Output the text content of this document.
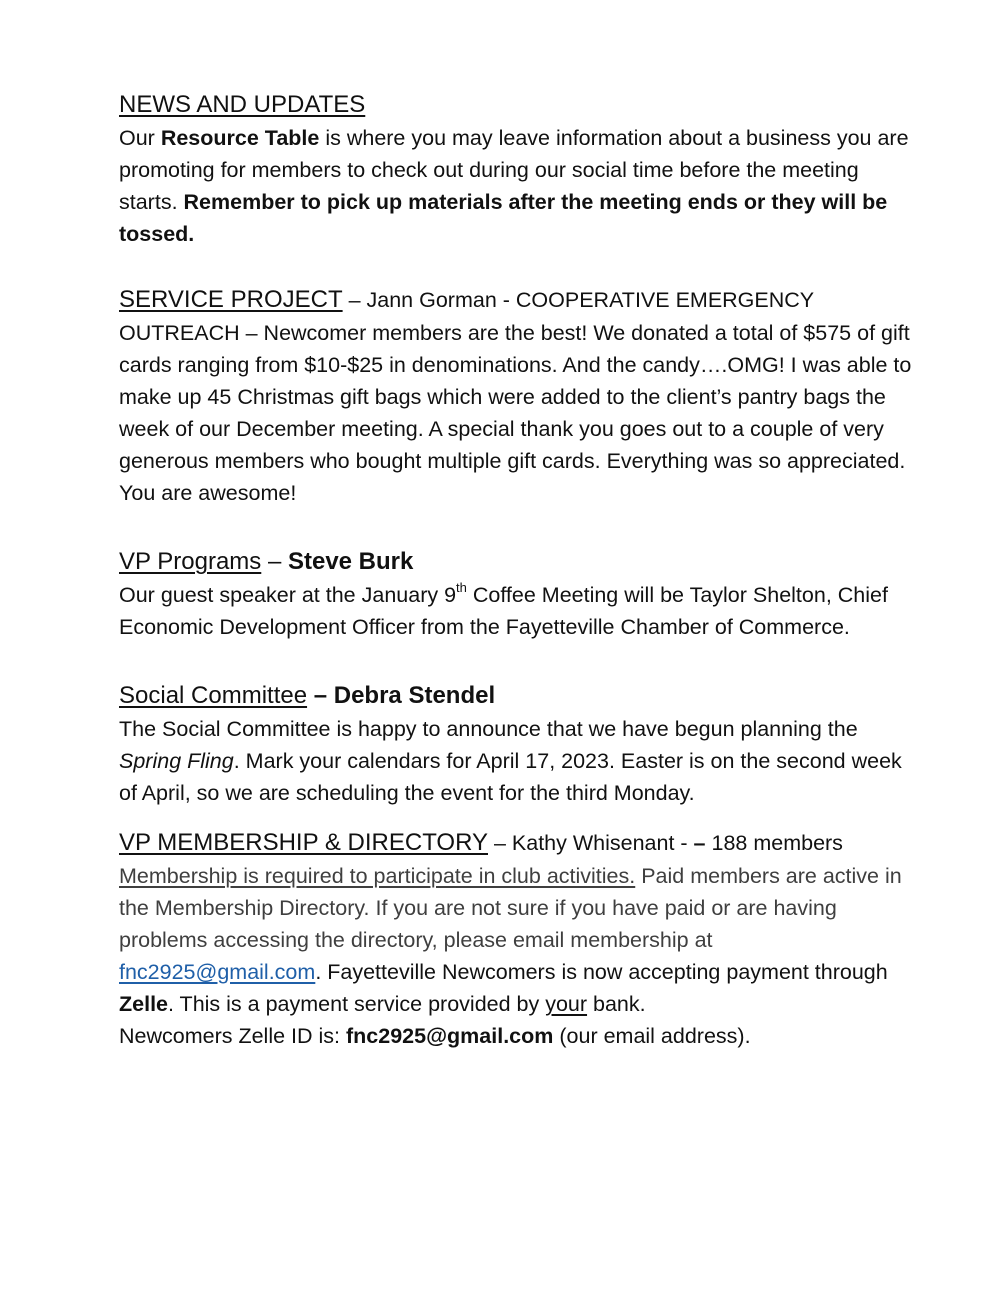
NEWS AND UPDATES

Our Resource Table is where you may leave information about a business you are promoting for members to check out during our social time before the meeting starts. Remember to pick up materials after the meeting ends or they will be tossed.

SERVICE PROJECT – Jann Gorman - COOPERATIVE EMERGENCY OUTREACH – Newcomer members are the best! We donated a total of $575 of gift cards ranging from $10-$25 in denominations. And the candy….OMG! I was able to make up 45 Christmas gift bags which were added to the client’s pantry bags the week of our December meeting. A special thank you goes out to a couple of very generous members who bought multiple gift cards. Everything was so appreciated. You are awesome!

VP Programs – Steve Burk

Our guest speaker at the January 9th Coffee Meeting will be Taylor Shelton, Chief Economic Development Officer from the Fayetteville Chamber of Commerce.

Social Committee – Debra Stendel

The Social Committee is happy to announce that we have begun planning the Spring Fling. Mark your calendars for April 17, 2023. Easter is on the second week of April, so we are scheduling the event for the third Monday.

VP MEMBERSHIP & DIRECTORY – Kathy Whisenant - – 188 members

Membership is required to participate in club activities. Paid members are active in the Membership Directory. If you are not sure if you have paid or are having problems accessing the directory, please email membership at fnc2925@gmail.com. Fayetteville Newcomers is now accepting payment through Zelle. This is a payment service provided by your bank.

Newcomers Zelle ID is: fnc2925@gmail.com (our email address).
